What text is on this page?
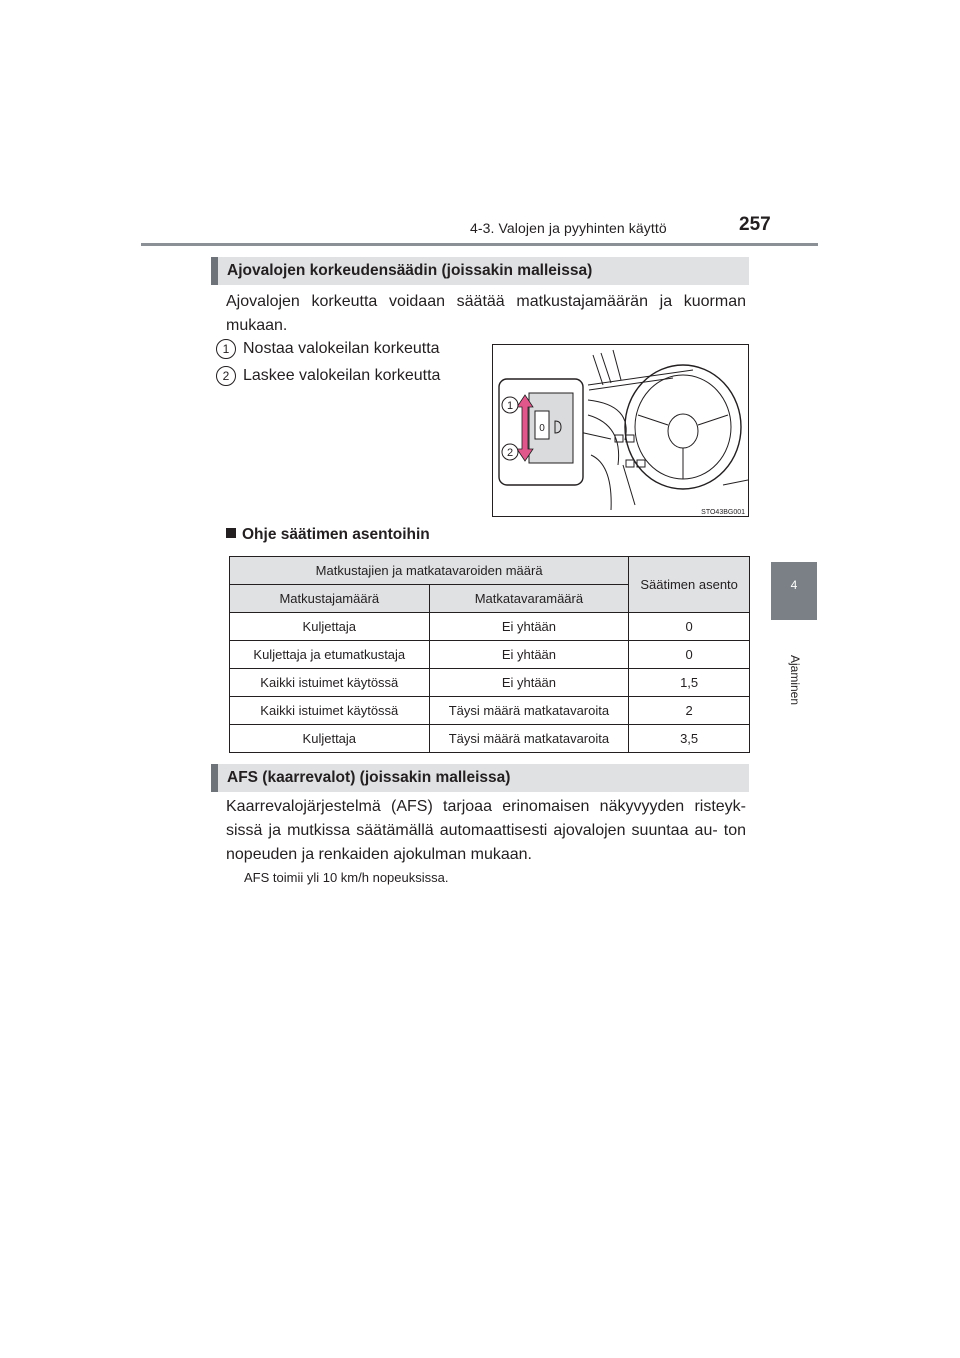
4-3. Valojen ja pyyhinten käyttö	257
4
Ajaminen
Ajovalojen korkeudensäädin (joissakin malleissa)
Ajovalojen korkeutta voidaan säätää matkustajamäärän ja kuorman mukaan.
1 Nostaa valokeilan korkeutta
2 Laskee valokeilan korkeutta
0
1
2
STO43BG001
Ohje säätimen asentoihin
Matkustajien ja matkatavaroiden määrä		Säätimen asento
Matkustajamäärä	Matkatavaramäärä	
Kuljettaja	Ei yhtään	0
Kuljettaja ja etumatkustaja	Ei yhtään	0
Kaikki istuimet käytössä	Ei yhtään	1,5
Kaikki istuimet käytössä	Täysi määrä matkatavaroita	2
Kuljettaja	Täysi määrä matkatavaroita	3,5
AFS (kaarrevalot) (joissakin malleissa)
Kaarrevalojärjestelmä (AFS) tarjoaa erinomaisen näkyvyyden risteyk- sissä ja mutkissa säätämällä automaattisesti ajovalojen suuntaa au- ton nopeuden ja renkaiden ajokulman mukaan.
AFS toimii yli 10 km/h nopeuksissa.
